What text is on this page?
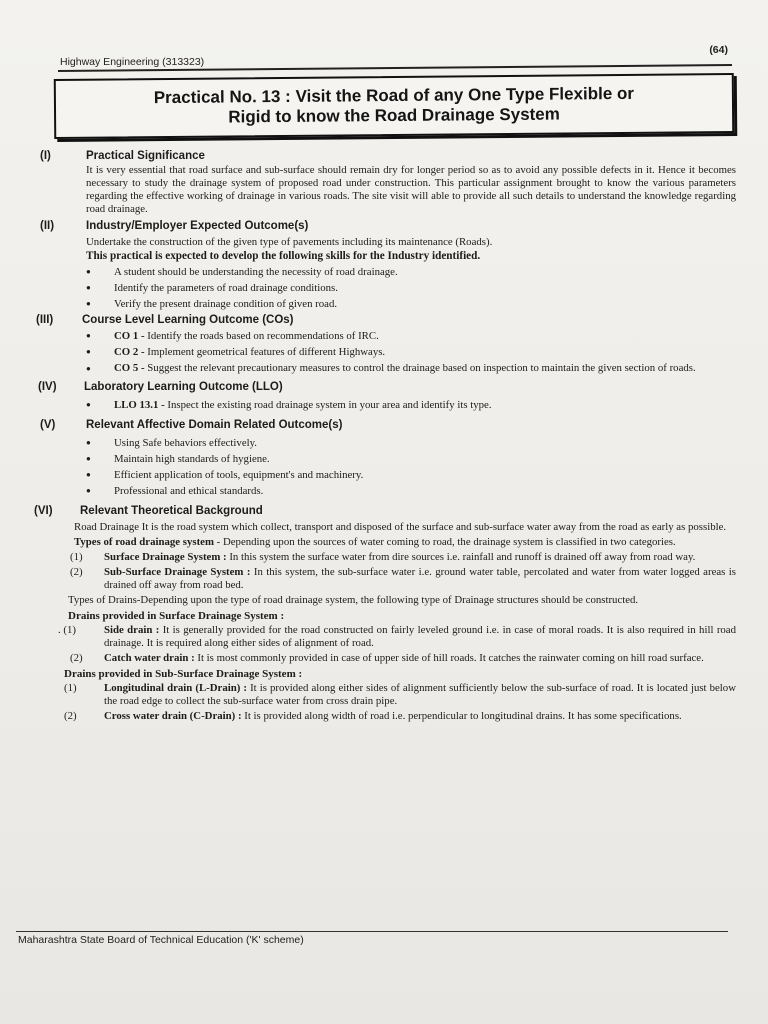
Highway Engineering (313323)
(64)
Practical No. 13 : Visit the Road of any One Type Flexible or
Rigid to know the Road Drainage System
(I)	Practical Significance

It is very essential that road surface and sub-surface should remain dry for longer period so as to avoid any possible defects in it. Hence it becomes necessary to study the drainage system of proposed road under construction. This particular assignment brought to know the various parameters regarding the effective working of drainage in various roads. The site visit will able to provide all such details to understand the knowledge regarding road drainage.

(II)	Industry/Employer Expected Outcome(s)

Undertake the construction of the given type of pavements including its maintenance (Roads).

This practical is expected to develop the following skills for the Industry identified.

● A student should be understanding the necessity of road drainage.
● Identify the parameters of road drainage conditions.
● Verify the present drainage condition of given road.
(III)	Course Level Learning Outcome (COs)
● CO 1 - Identify the roads based on recommendations of IRC.
● CO 2 - Implement geometrical features of different Highways.
● CO 5 - Suggest the relevant precautionary measures to control the drainage based on inspection to maintain the given section of roads.
(IV)	Laboratory Learning Outcome (LLO)
● LLO 13.1 - Inspect the existing road drainage system in your area and identify its type.
(V)	Relevant Affective Domain Related Outcome(s)
● Using Safe behaviors effectively.
● Maintain high standards of hygiene.
● Efficient application of tools, equipment's and machinery.
● Professional and ethical standards.
(VI)	Relevant Theoretical Background

Road Drainage It is the road system which collect, transport and disposed of the surface and sub-surface water away from the road as early as possible.

Types of road drainage system - Depending upon the sources of water coming to road, the drainage system is classified in two categories.

(1)	Surface Drainage System : In this system the surface water from dire sources i.e. rainfall and runoff is drained off away from road way.
(2)	Sub-Surface Drainage System : In this system, the sub-surface water i.e. ground water table, percolated and water from water logged areas is drained off away from road bed.

Types of Drains-Depending upon the type of road drainage system, the following type of Drainage structures should be constructed.

Drains provided in Surface Drainage System :
. (1)	Side drain : It is generally provided for the road constructed on fairly leveled ground i.e. in case of moral roads. It is also required in hill road drainage. It is required along either sides of alignment of road.
(2)	Catch water drain : It is most commonly provided in case of upper side of hill roads. It catches the rainwater coming on hill road surface.
Drains provided in Sub-Surface Drainage System :
(1)	Longitudinal drain (L-Drain) : It is provided along either sides of alignment sufficiently below the sub-surface of road. It is located just below the road edge to collect the sub-surface water from cross drain pipe.
(2)	Cross water drain (C-Drain) : It is provided along width of road i.e. perpendicular to longitudinal drains. It has some specifications.
Maharashtra State Board of Technical Education ('K' scheme)
